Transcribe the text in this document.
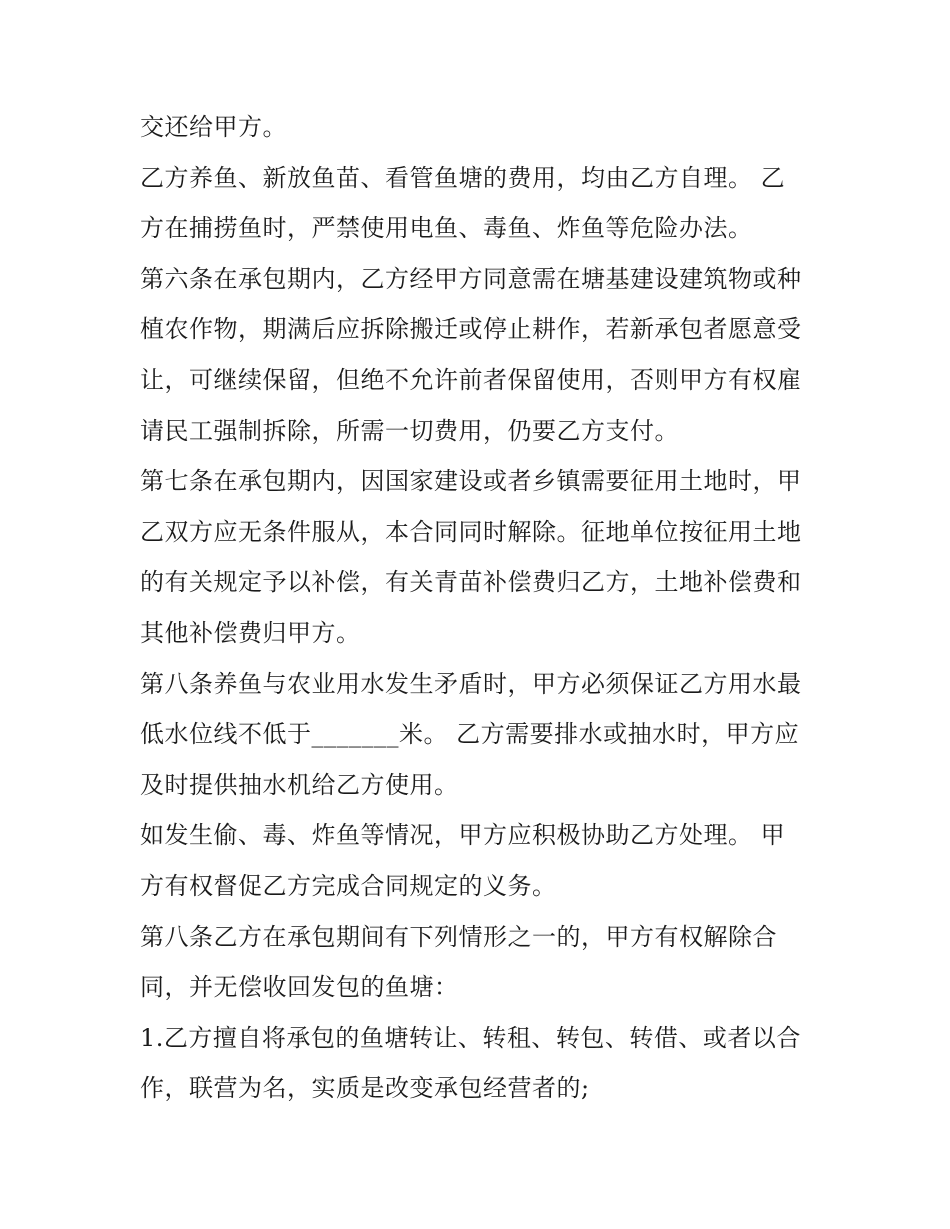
交还给甲方。
乙方养鱼、新放鱼苗、看管鱼塘的费用，均由乙方自理。 乙
方在捕捞鱼时，严禁使用电鱼、毒鱼、炸鱼等危险办法。
第六条在承包期内，乙方经甲方同意需在塘基建设建筑物或种
植农作物，期满后应拆除搬迁或停止耕作，若新承包者愿意受
让，可继续保留，但绝不允许前者保留使用，否则甲方有权雇
请民工强制拆除，所需一切费用，仍要乙方支付。
第七条在承包期内，因国家建设或者乡镇需要征用土地时，甲
乙双方应无条件服从，本合同同时解除。征地单位按征用土地
的有关规定予以补偿，有关青苗补偿费归乙方，土地补偿费和
其他补偿费归甲方。
第八条养鱼与农业用水发生矛盾时，甲方必须保证乙方用水最
低水位线不低于_______米。 乙方需要排水或抽水时，甲方应
及时提供抽水机给乙方使用。
如发生偷、毒、炸鱼等情况，甲方应积极协助乙方处理。 甲
方有权督促乙方完成合同规定的义务。
第八条乙方在承包期间有下列情形之一的，甲方有权解除合
同，并无偿收回发包的鱼塘：
1.乙方擅自将承包的鱼塘转让、转租、转包、转借、或者以合
作，联营为名，实质是改变承包经营者的;
